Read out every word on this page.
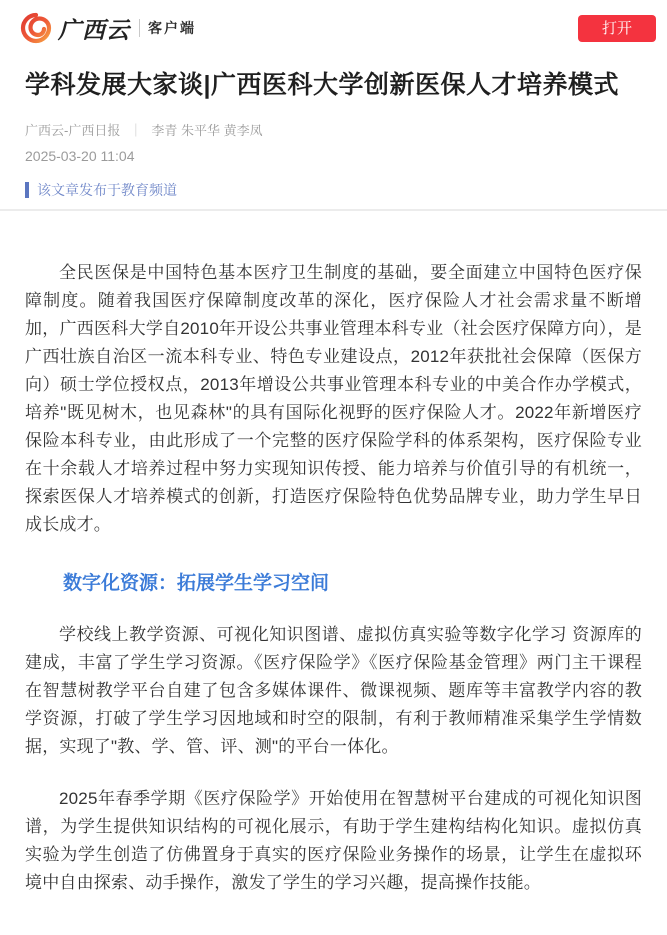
广西云 客户端	打开
学科发展大家谈|广西医科大学创新医保人才培养模式
广西云-广西日报 ｜ 李青 朱平华 黄李凤
2025-03-20 11:04
该文章发布于教育频道

全民医保是中国特色基本医疗卫生制度的基础，要全面建立中国特色医疗保障制度。随着我国医疗保障制度改革的深化，医疗保险人才社会需求量不断增加，广西医科大学自2010年开设公共事业管理本科专业（社会医疗保障方向），是广西壮族自治区一流本科专业、特色专业建设点，2012年获批社会保障（医保方向）硕士学位授权点，2013年增设公共事业管理本科专业的中美合作办学模式，培养"既见树木，也见森林"的具有国际化视野的医疗保险人才。2022年新增医疗保险本科专业，由此形成了一个完整的医疗保险学科的体系架构，医疗保险专业在十余载人才培养过程中努力实现知识传授、能力培养与价值引导的有机统一，探索医保人才培养模式的创新，打造医疗保险特色优势品牌专业，助力学生早日成长成才。

数字化资源：拓展学生学习空间

学校线上教学资源、可视化知识图谱、虚拟仿真实验等数字化学习 资源库的建成，丰富了学生学习资源。《医疗保险学》《医疗保险基金管理》两门主干课程在智慧树教学平台自建了包含多媒体课件、微课视频、题库等丰富教学内容的教学资源，打破了学生学习因地域和时空的限制，有利于教师精准采集学生学情数据，实现了"教、学、管、评、测"的平台一体化。

2025年春季学期《医疗保险学》开始使用在智慧树平台建成的可视化知识图谱，为学生提供知识结构的可视化展示，有助于学生建构结构化知识。虚拟仿真实验为学生创造了仿佛置身于真实的医疗保险业务操作的场景，让学生在虚拟环境中自由探索、动手操作，激发了学生的学习兴趣，提高操作技能。
